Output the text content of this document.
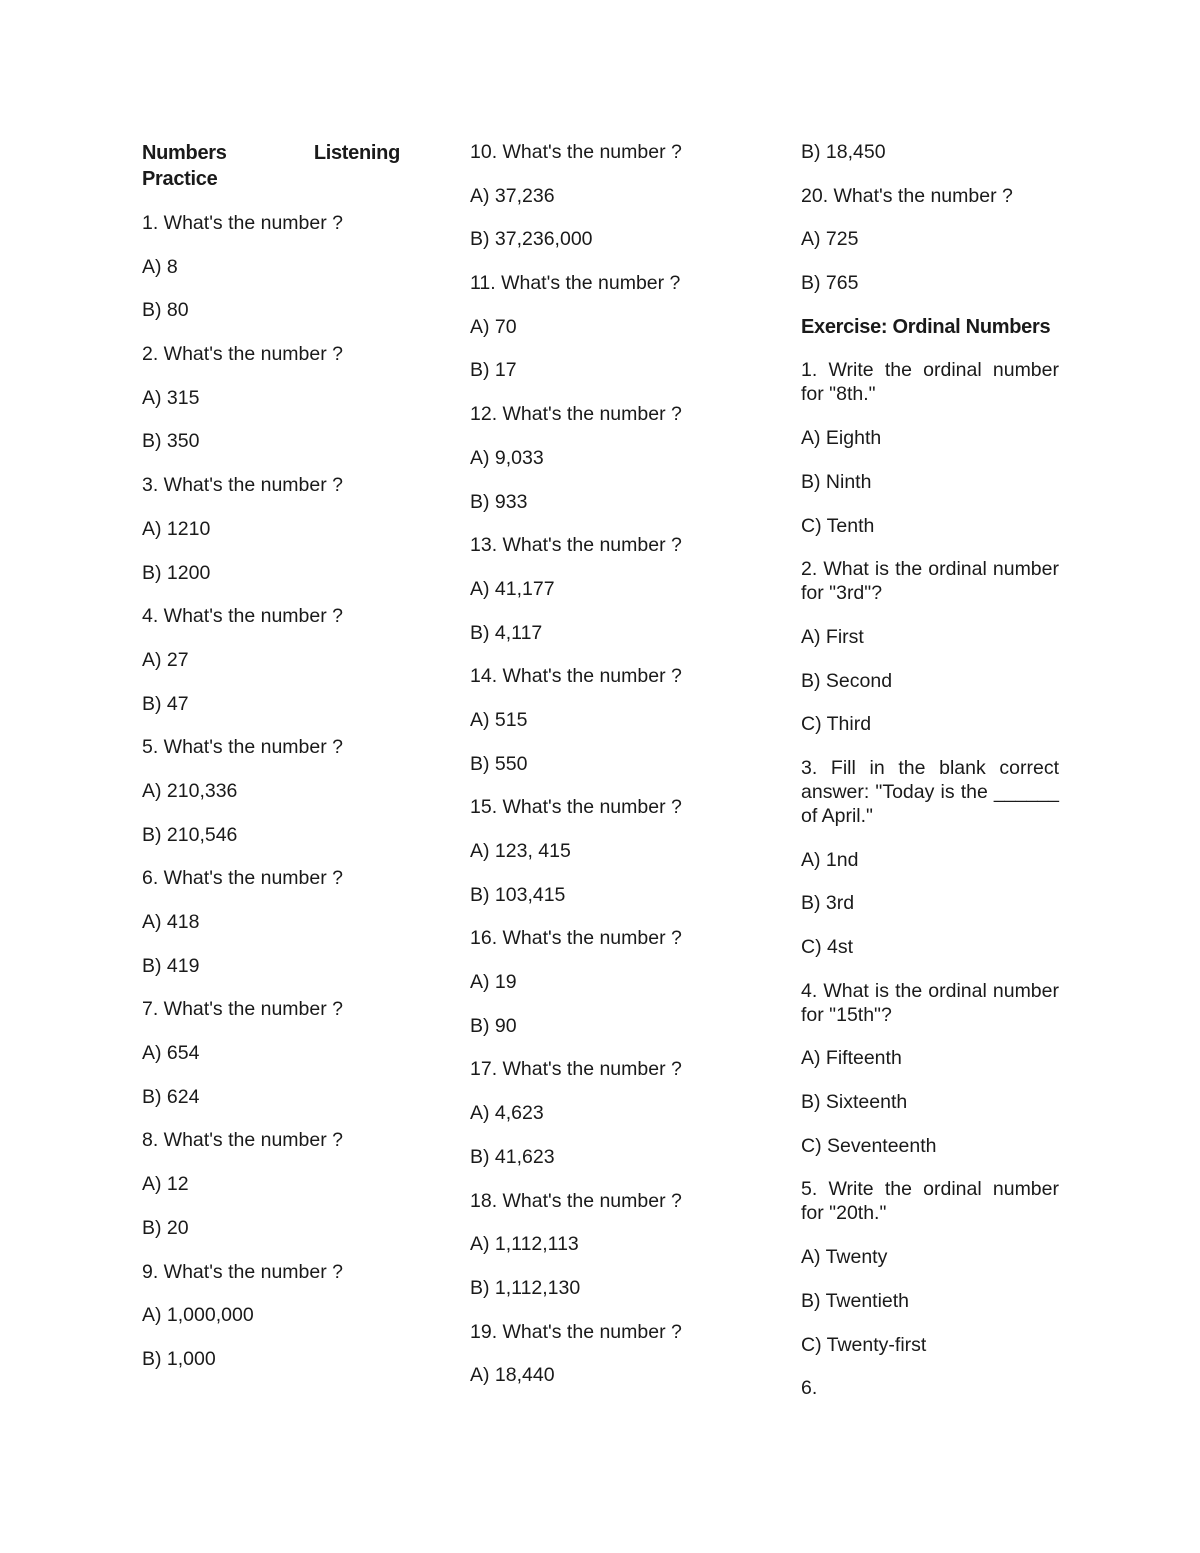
Numbers	Listening
Practice

1. What's the number ?

A) 8

B) 80

2. What's the number ?

A) 315

B) 350

3. What's the number ?

A) 1210

B) 1200

4. What's the number ?

A) 27

B) 47

5. What's the number ?

A) 210,336

B) 210,546

6. What's the number ?

A) 418

B) 419

7. What's the number ?

A) 654

B) 624

8. What's the number ?

A) 12

B) 20

9. What's the number ?

A) 1,000,000

B) 1,000

10. What's the number ?

A) 37,236

B) 37,236,000

11. What's the number ?

A) 70

B) 17

12. What's the number ?

A) 9,033

B) 933

13. What's the number ?

A) 41,177

B) 4,117

14. What's the number ?

A) 515

B) 550

15. What's the number ?

A) 123, 415

B) 103,415

16. What's the number ?

A) 19

B) 90

17. What's the number ?

A) 4,623

B) 41,623

18. What's the number ?

A) 1,112,113

B) 1,112,130

19. What's the number ?

A) 18,440

B) 18,450

20. What's the number ?

A) 725

B) 765

Exercise: Ordinal Numbers

1. Write the ordinal number for "8th."

A) Eighth

B) Ninth

C) Tenth

2. What is the ordinal number for "3rd"?

A) First

B) Second

C) Third

3. Fill in the blank correct answer: "Today is the ______ of April."

A) 1nd

B) 3rd

C) 4st

4. What is the ordinal number for "15th"?

A) Fifteenth

B) Sixteenth

C) Seventeenth

5. Write the ordinal number for "20th."

A) Twenty

B) Twentieth

C) Twenty-first

6.
